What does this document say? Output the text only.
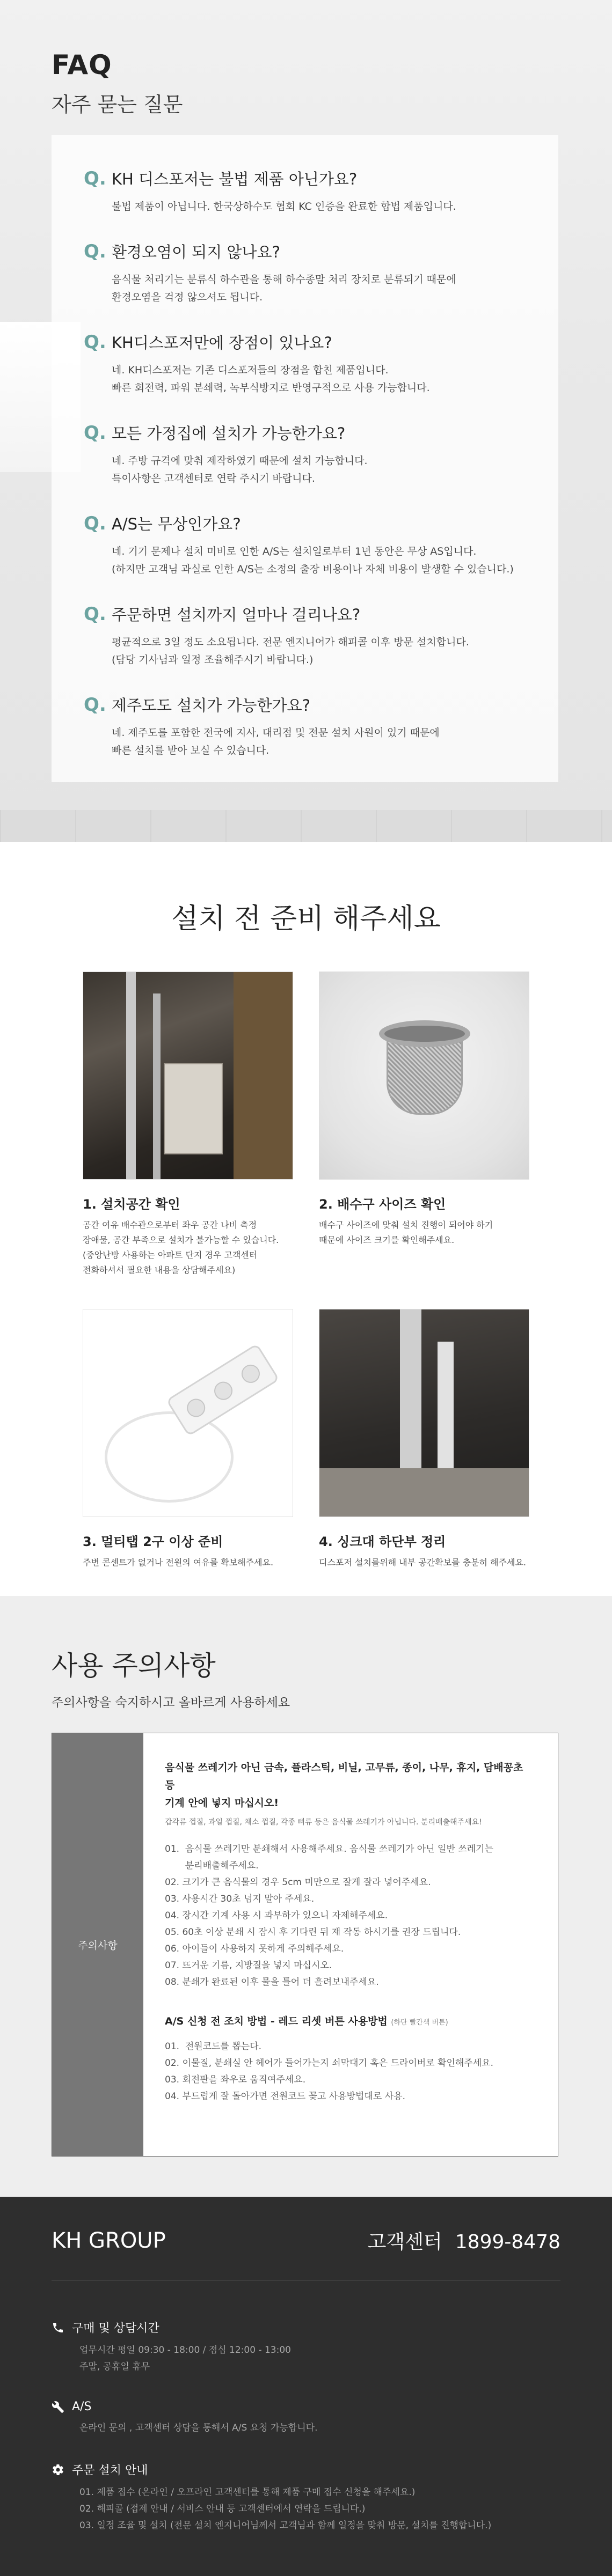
FAQ
자주 묻는 질문
Q. KH 디스포저는 불법 제품 아닌가요?
불법 제품이 아닙니다. 한국상하수도 협회 KC 인증을 완료한 합법 제품입니다.
Q. 환경오염이 되지 않나요?
음식물 처리기는 분류식 하수관을 통해 하수종말 처리 장치로 분류되기 때문에
환경오염을 걱정 않으셔도 됩니다.
Q. KH디스포저만에 장점이 있나요?
네. KH디스포저는 기존 디스포저들의 장점을 합친 제품입니다.
빠른 회전력, 파워 분쇄력, 녹부식방지로 반영구적으로 사용 가능합니다.
Q. 모든 가정집에 설치가 가능한가요?
네. 주방 규격에 맞춰 제작하였기 때문에 설치 가능합니다.
특이사항은 고객센터로 연락 주시기 바랍니다.
Q. A/S는 무상인가요?
네. 기기 문제나 설치 미비로 인한 A/S는 설치일로부터 1년 동안은 무상 AS입니다.
(하지만 고객님 과실로 인한 A/S는 소정의 출장 비용이나 자체 비용이 발생할 수 있습니다.)
Q. 주문하면 설치까지 얼마나 걸리나요?
평균적으로 3일 정도 소요됩니다. 전문 엔지니어가 해피콜 이후 방문 설치합니다.
(담당 기사님과 일정 조율해주시기 바랍니다.)
Q. 제주도도 설치가 가능한가요?
네. 제주도를 포함한 전국에 지사, 대리점 및 전문 설치 사원이 있기 때문에
빠른 설치를 받아 보실 수 있습니다.
설치 전 준비 해주세요
1. 설치공간 확인

공간 여유 배수관으로부터 좌우 공간 나비 측정
장애물, 공간 부족으로 설치가 불가능할 수 있습니다.
(중앙난방 사용하는 아파트 단지 경우 고객센터
전화하셔서 필요한 내용을 상담해주세요)

2. 배수구 사이즈 확인

배수구 사이즈에 맞춰 설치 진행이 되어야 하기
때문에 사이즈 크기를 확인해주세요.

3. 멀티탭 2구 이상 준비

주변 콘센트가 없거나 전원의 여유를 확보해주세요.

4. 싱크대 하단부 정리

디스포저 설치를위해 내부 공간확보를 충분히 해주세요.

사용 주의사항

주의사항을 숙지하시고 올바르게 사용하세요

주의사항
음식물 쓰레기가 아닌 금속, 플라스틱, 비닐, 고무류, 종이, 나무, 휴지, 담배꽁초 등
기계 안에 넣지 마십시오!
갑각류 껍질, 과일 껍질, 채소 껍질, 각종 뼈류 등은 음식물 쓰레기가 아닙니다. 분리배출해주세요!
01.  음식물 쓰레기만 분쇄해서 사용해주세요. 음식물 쓰레기가 아닌 일반 쓰레기는
분리배출해주세요.
02. 크기가 큰 음식물의 경우 5cm 미만으로 잘게 잘라 넣어주세요.
03. 사용시간 30초 넘지 말아 주세요.
04. 장시간 기계 사용 시 과부하가 있으니 자제해주세요.
05. 60초 이상 분쇄 시 잠시 후 기다린 뒤 재 작동 하시기를 권장 드립니다.
06. 아이들이 사용하지 못하게 주의해주세요.
07. 뜨거운 기름, 지방질을 넣지 마십시오.
08. 분쇄가 완료된 이후 물을 틀어 더 흘려보내주세요.
A/S 신청 전 조치 방법 - 레드 리셋 버튼 사용방법 (하단 빨간색 버튼)
01.  전원코드를 뽑는다.
02. 이물질, 분쇄실 안 헤어가 들어가는지 쇠막대기 혹은 드라이버로 확인해주세요.
03. 회전판을 좌우로 움직여주세요.
04. 부드럽게 잘 돌아가면 전원코드 꽂고 사용방법대로 사용.
KH GROUP	고객센터 1899-8478
구매 및 상담시간
업무시간 평일 09:30 - 18:00 / 점심 12:00 - 13:00
주말, 공휴일 휴무
A/S
온라인 문의 , 고객센터 상담을 통해서 A/S 요청 가능합니다.
주문 설치 안내
01. 제품 접수 (온라인 / 오프라인 고객센터를 통해 제품 구매 접수 신청을 해주세요.)
02. 해피콜 (접제 안내 / 서비스 안내 등 고객센터에서 연락을 드립니다.)
03. 일정 조율 및 설치 (전문 설치 엔지니어님께서 고객님과 함께 일정을 맞춰 방문, 설치를 진행합니다.)
